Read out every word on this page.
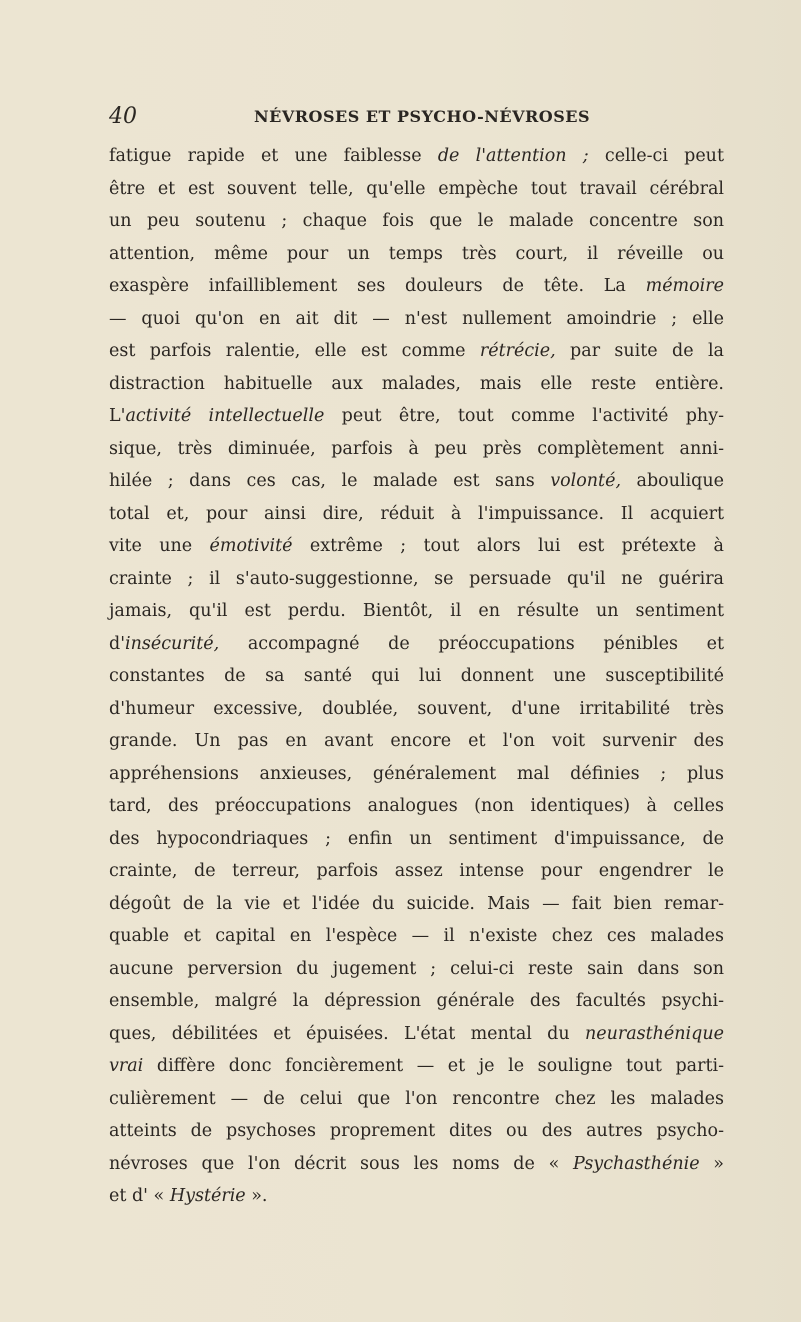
40	NÉVROSES ET PSYCHO-NÉVROSES
fatigue rapide et une faiblesse de l'attention ; celle-ci peut
être et est souvent telle, qu'elle empèche tout travail cérébral
un peu soutenu ; chaque fois que le malade concentre son
attention, même pour un temps très court, il réveille ou
exaspère infailliblement ses douleurs de tête. La mémoire
— quoi qu'on en ait dit — n'est nullement amoindrie ; elle
est parfois ralentie, elle est comme rétrécie, par suite de la
distraction habituelle aux malades, mais elle reste entière.
L'activité intellectuelle peut être, tout comme l'activité phy-
sique, très diminuée, parfois à peu près complètement anni-
hilée ; dans ces cas, le malade est sans volonté, aboulique
total et, pour ainsi dire, réduit à l'impuissance. Il acquiert
vite une émotivité extrême ; tout alors lui est prétexte à
crainte ; il s'auto-suggestionne, se persuade qu'il ne guérira
jamais, qu'il est perdu. Bientôt, il en résulte un sentiment
d'insécurité, accompagné de préoccupations pénibles et
constantes de sa santé qui lui donnent une susceptibilité
d'humeur excessive, doublée, souvent, d'une irritabilité très
grande. Un pas en avant encore et l'on voit survenir des
appréhensions anxieuses, généralement mal définies ; plus
tard, des préoccupations analogues (non identiques) à celles
des hypocondriaques ; enfin un sentiment d'impuissance, de
crainte, de terreur, parfois assez intense pour engendrer le
dégoût de la vie et l'idée du suicide. Mais — fait bien remar-
quable et capital en l'espèce — il n'existe chez ces malades
aucune perversion du jugement ; celui-ci reste sain dans son
ensemble, malgré la dépression générale des facultés psychi-
ques, débilitées et épuisées. L'état mental du neurasthénique
vrai diffère donc foncièrement — et je le souligne tout parti-
culièrement — de celui que l'on rencontre chez les malades
atteints de psychoses proprement dites ou des autres psycho-
névroses que l'on décrit sous les noms de « Psychasthénie »
et d' « Hystérie ».
